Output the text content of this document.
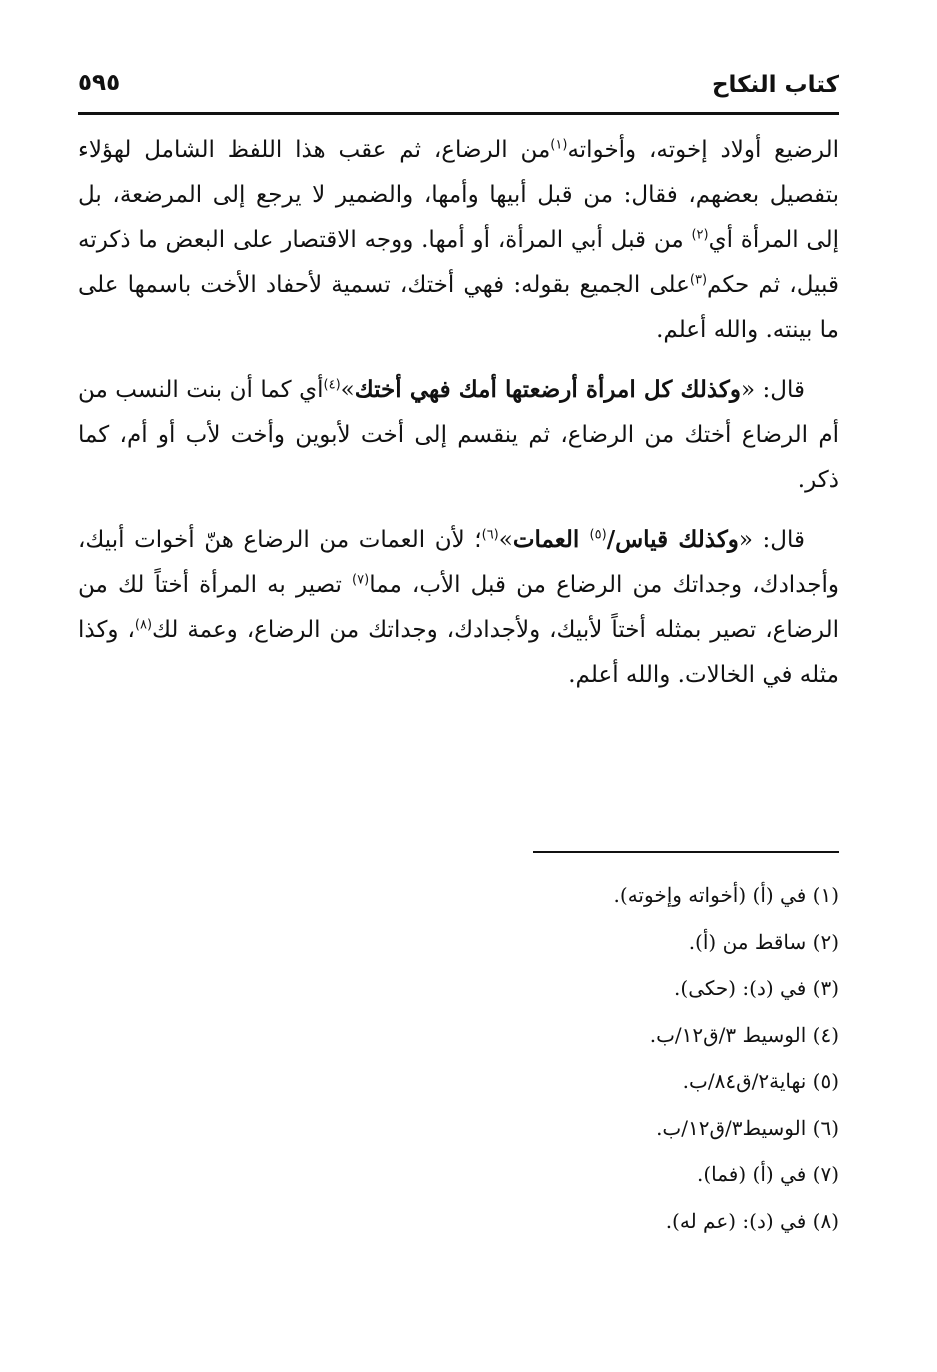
كتاب النكاح
٥٩٥

الرضيع أولاد إخوته، وأخواته$^{(١)}$من الرضاع، ثم عقب هذا اللفظ الشامل لهؤلاء بتفصيل بعضهم، فقال: من قبل أبيها وأمها، والضمير لا يرجع إلى المرضعة، بل إلى المرأة أي$^{(٢)}$ من قبل أبي المرأة، أو أمها. ووجه الاقتصار على البعض ما ذكرته قبيل، ثم حكم$^{(٣)}$على الجميع بقوله: فهي أختك، تسمية لأحفاد الأخت باسمها على ما بينته. والله أعلم.

قال: «وكذلك كل امرأة أرضعتها أمك فهي أختك»$^{(٤)}$أي كما أن بنت النسب من أم الرضاع أختك من الرضاع، ثم ينقسم إلى أخت لأبوين وأخت لأب أو أم، كما ذكر.

قال: «وكذلك قياس/$^{(٥)}$ العمات»$^{(٦)}$؛ لأن العمات من الرضاع هنّ أخوات أبيك، وأجدادك، وجداتك من الرضاع من قبل الأب، مما$^{(٧)}$ تصير به المرأة أختاً لك من الرضاع، تصير بمثله أختاً لأبيك، ولأجدادك، وجداتك من الرضاع، وعمة لك$^{(٨)}$، وكذا مثله في الخالات. والله أعلم.

(١) في (أ) (أخواته وإخوته).
(٢) ساقط من (أ).
(٣) في (د): (حكى).
(٤) الوسيط ٣/ق١٢/ب.
(٥) نهاية٢/ق٨٤/ب.
(٦) الوسيط٣/ق١٢/ب.
(٧) في (أ) (فما).
(٨) في (د): (عم له).
